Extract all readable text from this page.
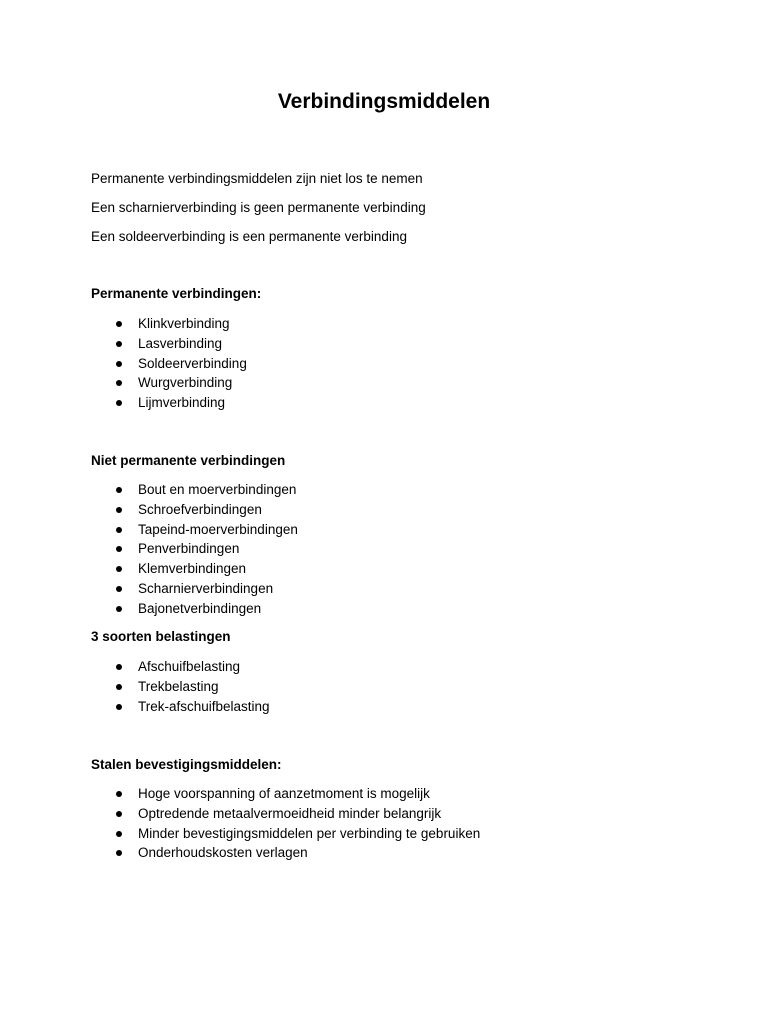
Verbindingsmiddelen

Permanente verbindingsmiddelen zijn niet los te nemen

Een scharnierverbinding is geen permanente verbinding

Een soldeerverbinding is een permanente verbinding

Permanente verbindingen:

Klinkverbinding
Lasverbinding
Soldeerverbinding
Wurgverbinding
Lijmverbinding

Niet permanente verbindingen

Bout en moerverbindingen
Schroefverbindingen
Tapeind-moerverbindingen
Penverbindingen
Klemverbindingen
Scharnierverbindingen
Bajonetverbindingen

3 soorten belastingen

Afschuifbelasting
Trekbelasting
Trek-afschuifbelasting

Stalen bevestigingsmiddelen:

Hoge voorspanning of aanzetmoment is mogelijk
Optredende metaalvermoeidheid minder belangrijk
Minder bevestigingsmiddelen per verbinding te gebruiken
Onderhoudskosten verlagen
